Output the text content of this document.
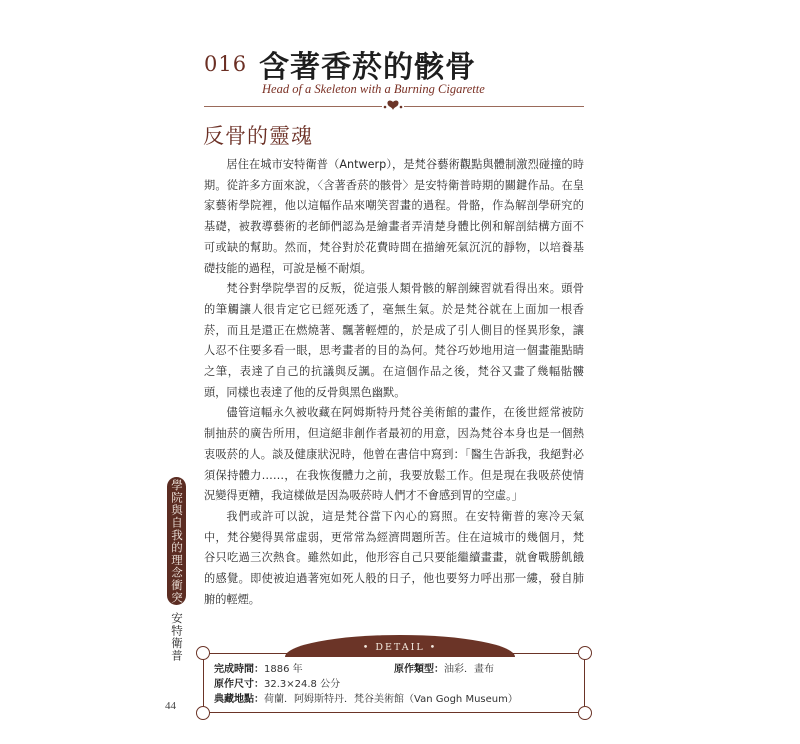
016 含著香菸的骸骨
Head of a Skeleton with a Burning Cigarette
反骨的靈魂

居住在城市安特衛普（Antwerp），是梵谷藝術觀點與體制激烈碰撞的時期。從許多方面來說，〈含著香菸的骸骨〉是安特衛普時期的關鍵作品。在皇家藝術學院裡，他以這幅作品來嘲笑習畫的過程。骨骼，作為解剖學研究的基礎，被教導藝術的老師們認為是繪畫者弄清楚身體比例和解剖結構方面不可或缺的幫助。然而，梵谷對於花費時間在描繪死氣沉沉的靜物，以培養基礎技能的過程，可說是極不耐煩。

梵谷對學院學習的反叛，從這張人類骨骸的解剖練習就看得出來。頭骨的筆觸讓人很肯定它已經死透了，毫無生氣。於是梵谷就在上面加一根香菸，而且是還正在燃燒著、飄著輕煙的，於是成了引人側目的怪異形象，讓人忍不住要多看一眼，思考畫者的目的為何。梵谷巧妙地用這一個畫龍點睛之筆，表達了自己的抗議與反諷。在這個作品之後，梵谷又畫了幾幅骷髏頭，同樣也表達了他的反骨與黑色幽默。

儘管這幅永久被收藏在阿姆斯特丹梵谷美術館的畫作，在後世經常被防制抽菸的廣告所用，但這絕非創作者最初的用意，因為梵谷本身也是一個熱衷吸菸的人。談及健康狀況時，他曾在書信中寫到：「醫生告訴我，我絕對必須保持體力……，在我恢復體力之前，我要放鬆工作。但是現在我吸菸使情況變得更糟，我這樣做是因為吸菸時人們才不會感到胃的空虛。」

我們或許可以說，這是梵谷當下內心的寫照。在安特衛普的寒冷天氣中，梵谷變得異常虛弱，更常常為經濟問題所苦。住在這城市的幾個月，梵谷只吃過三次熱食。雖然如此，他形容自己只要能繼續畫畫，就會戰勝飢餓的感覺。即使被迫過著宛如死人般的日子，他也要努力呼出那一縷，發自肺腑的輕煙。

學院與自我的理念衝突
安特衛普
44
完成時間：1886 年	原作類型：油彩．畫布
原作尺寸：32.3×24.8 公分
典藏地點：荷蘭．阿姆斯特丹．梵谷美術館（Van Gogh Museum）
• DETAIL •
